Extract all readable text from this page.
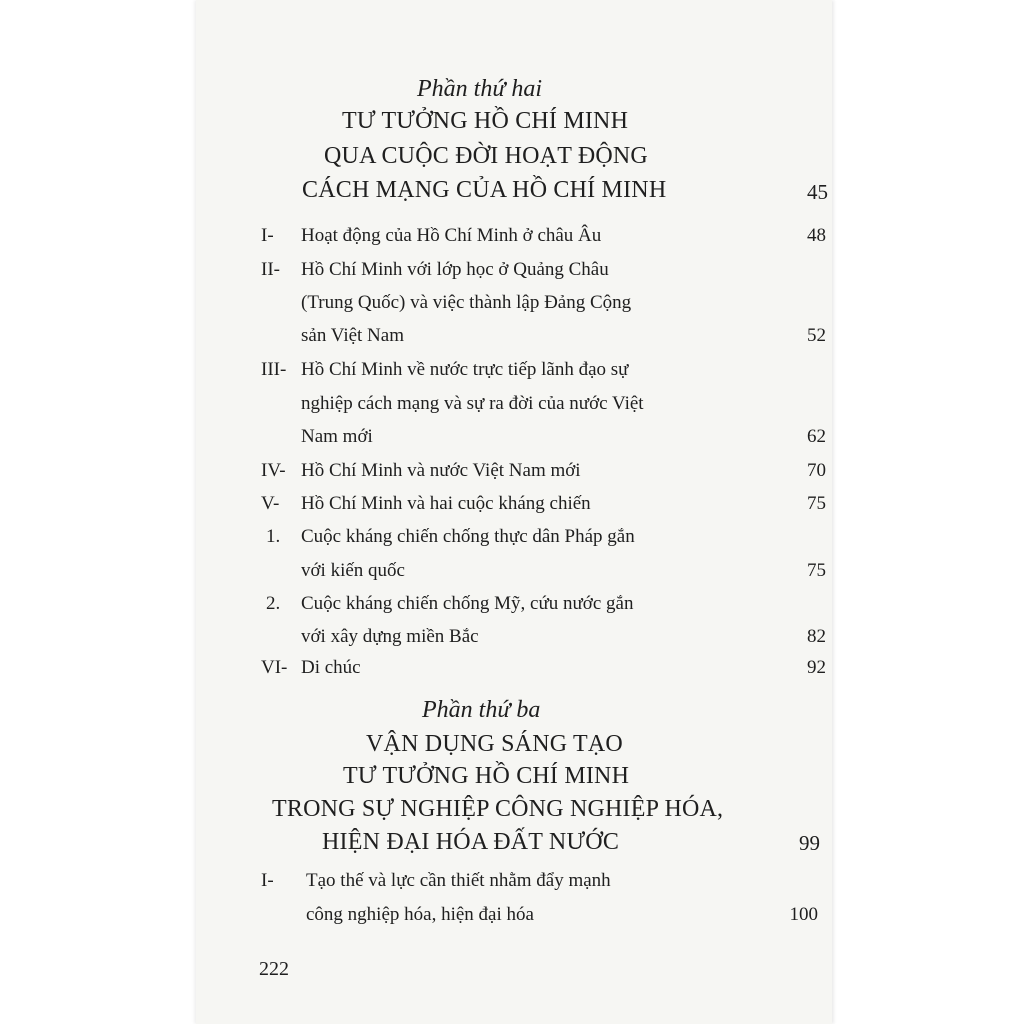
Phần thứ hai
TƯ TƯỞNG HỒ CHÍ MINH
QUA CUỘC ĐỜI HOẠT ĐỘNG
CÁCH MẠNG CỦA HỒ CHÍ MINH	45
I- Hoạt động của Hồ Chí Minh ở châu Âu	48
II- Hồ Chí Minh với lớp học ở Quảng Châu
(Trung Quốc) và việc thành lập Đảng Cộng
sản Việt Nam	52
III- Hồ Chí Minh về nước trực tiếp lãnh đạo sự
nghiệp cách mạng và sự ra đời của nước Việt
Nam mới	62
IV- Hồ Chí Minh và nước Việt Nam mới	70
V- Hồ Chí Minh và hai cuộc kháng chiến	75
1. Cuộc kháng chiến chống thực dân Pháp gắn
với kiến quốc	75
2. Cuộc kháng chiến chống Mỹ, cứu nước gắn
với xây dựng miền Bắc	82
VI- Di chúc	92
Phần thứ ba
VẬN DỤNG SÁNG TẠO
TƯ TƯỞNG HỒ CHÍ MINH
TRONG SỰ NGHIỆP CÔNG NGHIỆP HÓA,
HIỆN ĐẠI HÓA ĐẤT NƯỚC	99
I- Tạo thế và lực cần thiết nhằm đẩy mạnh
công nghiệp hóa, hiện đại hóa	100
222
